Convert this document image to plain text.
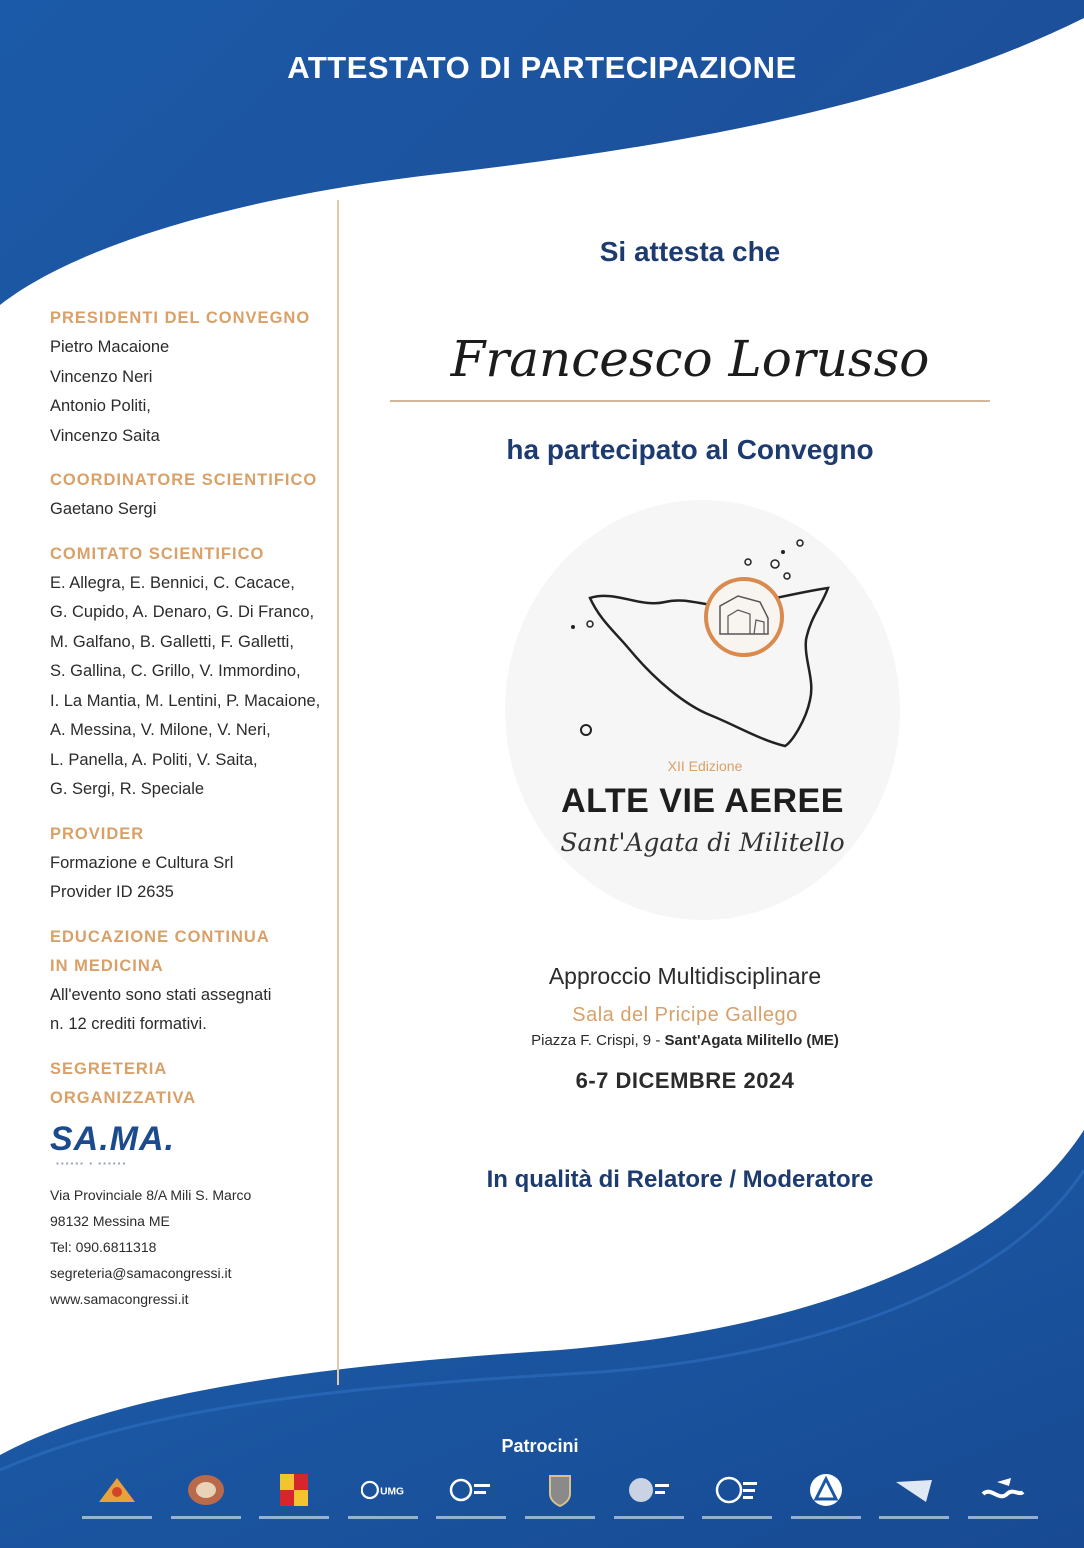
ATTESTATO DI PARTECIPAZIONE
PRESIDENTI DEL CONVEGNO
Pietro Macaione
Vincenzo Neri
Antonio Politi,
Vincenzo Saita
COORDINATORE SCIENTIFICO
Gaetano Sergi
COMITATO SCIENTIFICO
E. Allegra, E. Bennici, C. Cacace,
G. Cupido, A. Denaro, G. Di Franco,
M. Galfano, B. Galletti, F. Galletti,
S. Gallina, C. Grillo, V. Immordino,
I. La Mantia, M. Lentini, P. Macaione,
A. Messina, V. Milone, V. Neri,
L. Panella, A. Politi, V. Saita,
G. Sergi, R. Speciale
PROVIDER
Formazione e Cultura Srl
Provider ID 2635
EDUCAZIONE CONTINUA
IN MEDICINA
All'evento sono stati assegnati
n. 12 crediti formativi.
SEGRETERIA
ORGANIZZATIVA
SA.MA.
▪▪▪▪▪▪ ▪ ▪▪▪▪▪▪
Via Provinciale 8/A Mili S. Marco
98132 Messina ME
Tel: 090.6811318
segreteria@samacongressi.it
www.samacongressi.it
Si attesta che
Francesco Lorusso
ha partecipato al Convegno
XII Edizione
ALTE VIE AEREE
Sant'Agata di Militello
Approccio Multidisciplinare
Sala del Pricipe Gallego
Piazza F. Crispi, 9 - Sant'Agata Militello (ME)
6-7 DICEMBRE 2024
In qualità di Relatore / Moderatore
Patrocini
UMG
